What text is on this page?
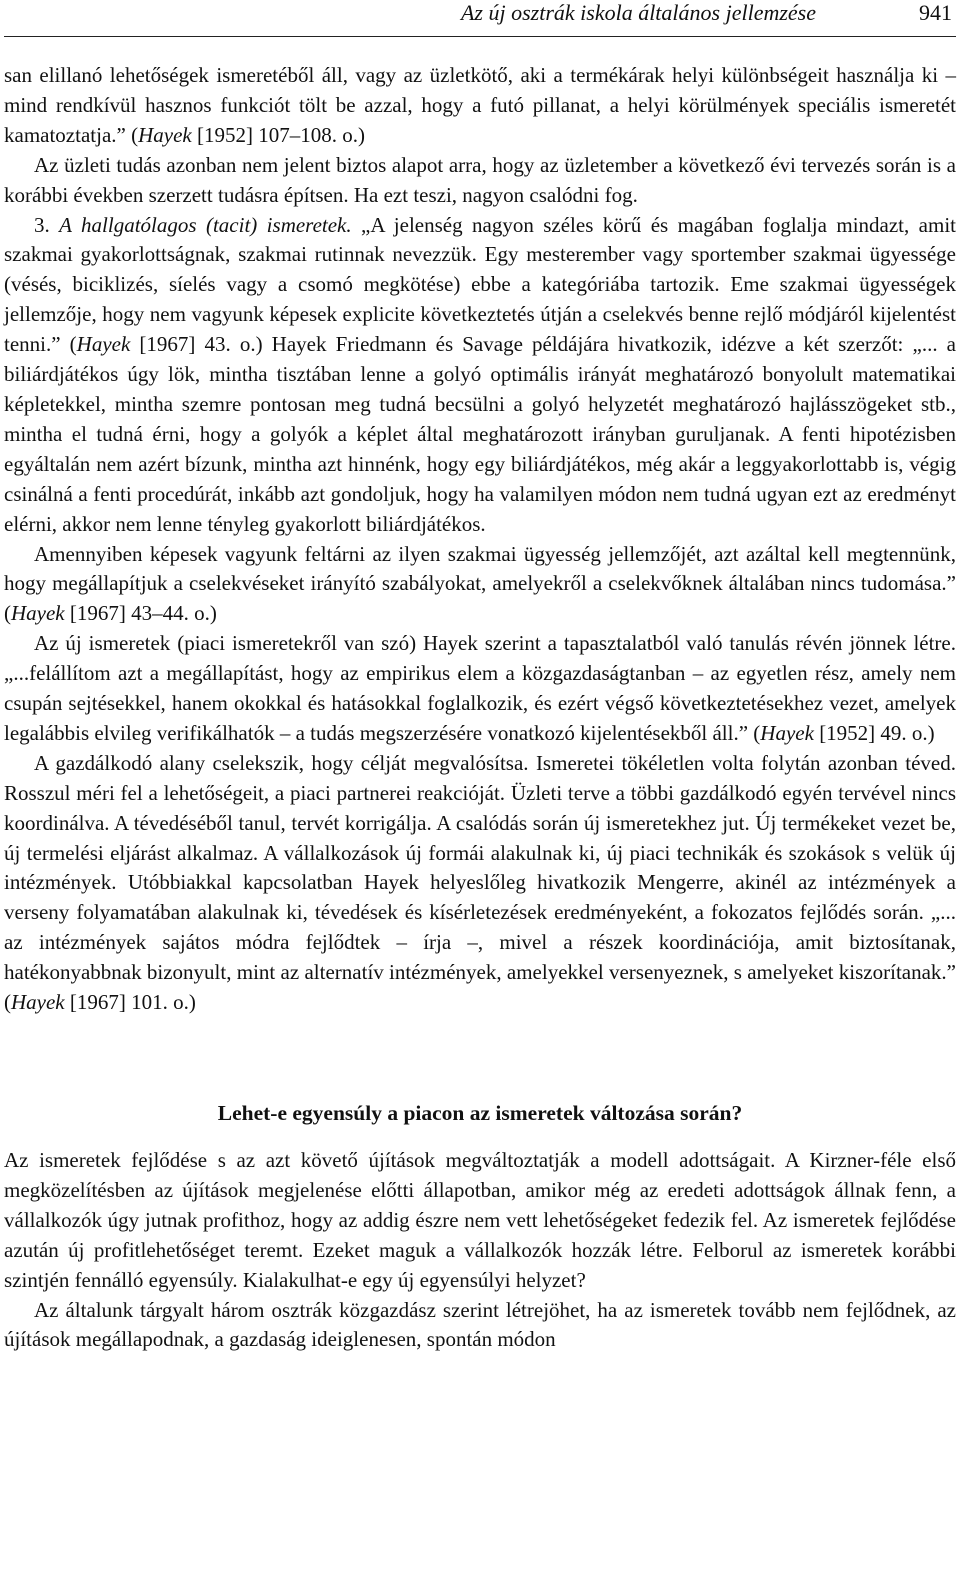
Az új osztrák iskola általános jellemzése	941

san elillanó lehetőségek ismeretéből áll, vagy az üzletkötő, aki a termékárak helyi különbségeit használja ki – mind rendkívül hasznos funkciót tölt be azzal, hogy a futó pillanat, a helyi körülmények speciális ismeretét kamatoztatja.” (Hayek [1952] 107–108. o.)

Az üzleti tudás azonban nem jelent biztos alapot arra, hogy az üzletember a következő évi tervezés során is a korábbi években szerzett tudásra építsen. Ha ezt teszi, nagyon csalódni fog.

3. A hallgatólagos (tacit) ismeretek. „A jelenség nagyon széles körű és magában foglalja mindazt, amit szakmai gyakorlottságnak, szakmai rutinnak nevezzük. Egy mesterember vagy sportember szakmai ügyessége (vésés, biciklizés, síelés vagy a csomó megkötése) ebbe a kategóriába tartozik. Eme szakmai ügyességek jellemzője, hogy nem vagyunk képesek explicite következtetés útján a cselekvés benne rejlő módjáról kijelentést tenni.” (Hayek [1967] 43. o.) Hayek Friedmann és Savage példájára hivatkozik, idézve a két szerzőt: „... a biliárdjátékos úgy lök, mintha tisztában lenne a golyó optimális irányát meghatározó bonyolult matematikai képletekkel, mintha szemre pontosan meg tudná becsülni a golyó helyzetét meghatározó hajlásszögeket stb., mintha el tudná érni, hogy a golyók a képlet által meghatározott irányban guruljanak. A fenti hipotézisben egyáltalán nem azért bízunk, mintha azt hinnénk, hogy egy biliárdjátékos, még akár a leggyakorlottabb is, végig csinálná a fenti procedúrát, inkább azt gondoljuk, hogy ha valamilyen módon nem tudná ugyan ezt az eredményt elérni, akkor nem lenne tényleg gyakorlott biliárdjátékos.

Amennyiben képesek vagyunk feltárni az ilyen szakmai ügyesség jellemzőjét, azt azáltal kell megtennünk, hogy megállapítjuk a cselekvéseket irányító szabályokat, amelyekről a cselekvőknek általában nincs tudomása.” (Hayek [1967] 43–44. o.)

Az új ismeretek (piaci ismeretekről van szó) Hayek szerint a tapasztalatból való tanulás révén jönnek létre. „...felállítom azt a megállapítást, hogy az empirikus elem a közgazdaságtanban – az egyetlen rész, amely nem csupán sejtésekkel, hanem okokkal és hatásokkal foglalkozik, és ezért végső következtetésekhez vezet, amelyek legalábbis elvileg verifikálhatók – a tudás megszerzésére vonatkozó kijelentésekből áll.” (Hayek [1952] 49. o.)

A gazdálkodó alany cselekszik, hogy célját megvalósítsa. Ismeretei tökéletlen volta folytán azonban téved. Rosszul méri fel a lehetőségeit, a piaci partnerei reakcióját. Üzleti terve a többi gazdálkodó egyén tervével nincs koordinálva. A tévedéséből tanul, tervét korrigálja. A csalódás során új ismeretekhez jut. Új termékeket vezet be, új termelési eljárást alkalmaz. A vállalkozások új formái alakulnak ki, új piaci technikák és szokások s velük új intézmények. Utóbbiakkal kapcsolatban Hayek helyeslőleg hivatkozik Mengerre, akinél az intézmények a verseny folyamatában alakulnak ki, tévedések és kísérletezések eredményeként, a fokozatos fejlődés során. „... az intézmények sajátos módra fejlődtek – írja –, mivel a részek koordinációja, amit biztosítanak, hatékonyabbnak bizonyult, mint az alternatív intézmények, amelyekkel versenyeznek, s amelyeket kiszorítanak.” (Hayek [1967] 101. o.)

Lehet-e egyensúly a piacon az ismeretek változása során?

Az ismeretek fejlődése s az azt követő újítások megváltoztatják a modell adottságait. A Kirzner-féle első megközelítésben az újítások megjelenése előtti állapotban, amikor még az eredeti adottságok állnak fenn, a vállalkozók úgy jutnak profithoz, hogy az addig észre nem vett lehetőségeket fedezik fel. Az ismeretek fejlődése azután új profitlehetőséget teremt. Ezeket maguk a vállalkozók hozzák létre. Felborul az ismeretek korábbi szintjén fennálló egyensúly. Kialakulhat-e egy új egyensúlyi helyzet?

Az általunk tárgyalt három osztrák közgazdász szerint létrejöhet, ha az ismeretek tovább nem fejlődnek, az újítások megállapodnak, a gazdaság ideiglenesen, spontán módon
